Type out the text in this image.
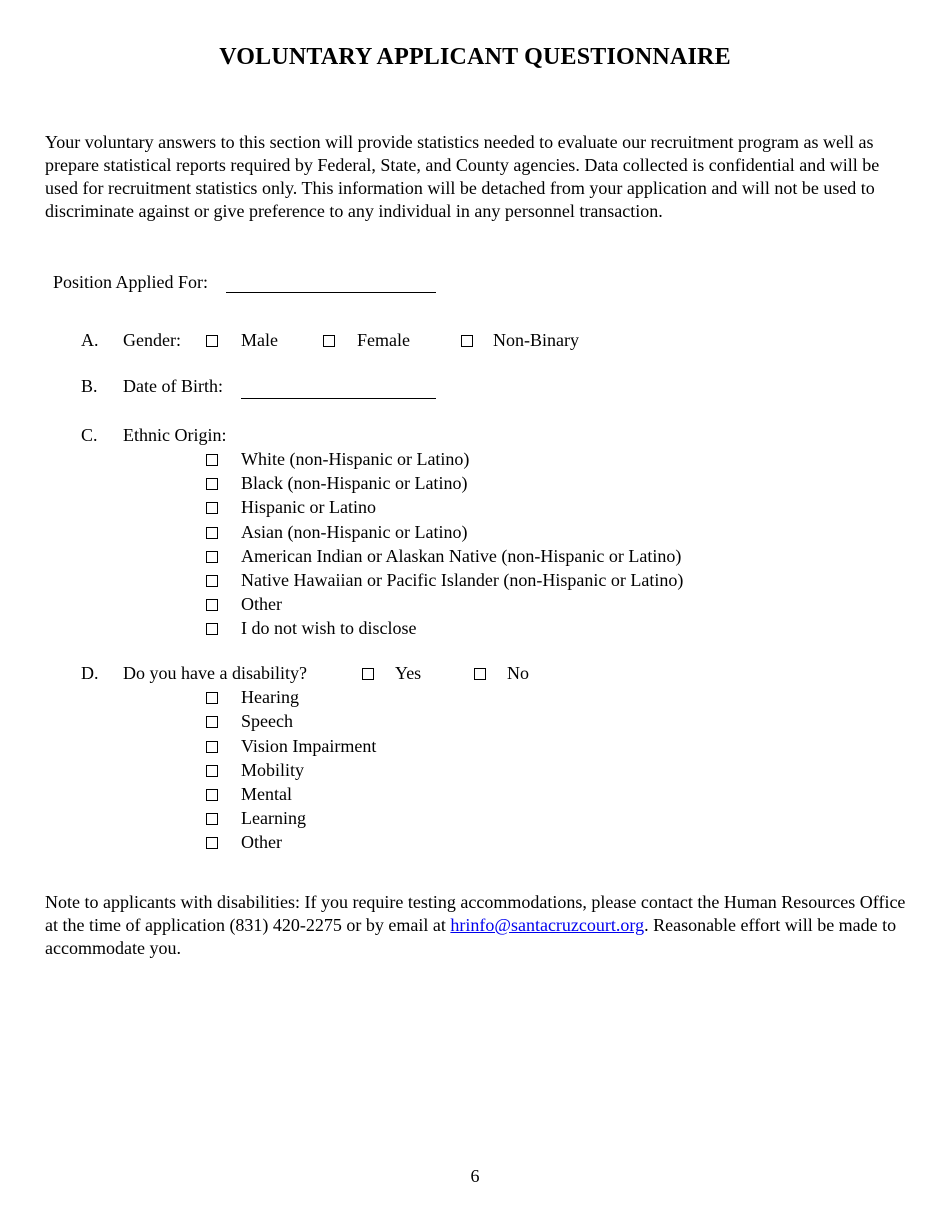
VOLUNTARY APPLICANT QUESTIONNAIRE
Your voluntary answers to this section will provide statistics needed to evaluate our recruitment program as well as prepare statistical reports required by Federal, State, and County agencies. Data collected is confidential and will be used for recruitment statistics only. This information will be detached from your application and will not be used to discriminate against or give preference to any individual in any personnel transaction.
Position Applied For:
A. Gender:	Male	Female	Non-Binary
B. Date of Birth:
C. Ethnic Origin:
White (non-Hispanic or Latino)
Black (non-Hispanic or Latino)
Hispanic or Latino
Asian (non-Hispanic or Latino)
American Indian or Alaskan Native (non-Hispanic or Latino)
Native Hawaiian or Pacific Islander (non-Hispanic or Latino)
Other
I do not wish to disclose
D. Do you have a disability?	Yes	No
Hearing
Speech
Vision Impairment
Mobility
Mental
Learning
Other
Note to applicants with disabilities: If you require testing accommodations, please contact the Human Resources Office at the time of application (831) 420-2275 or by email at hrinfo@santacruzcourt.org. Reasonable effort will be made to accommodate you.
6
